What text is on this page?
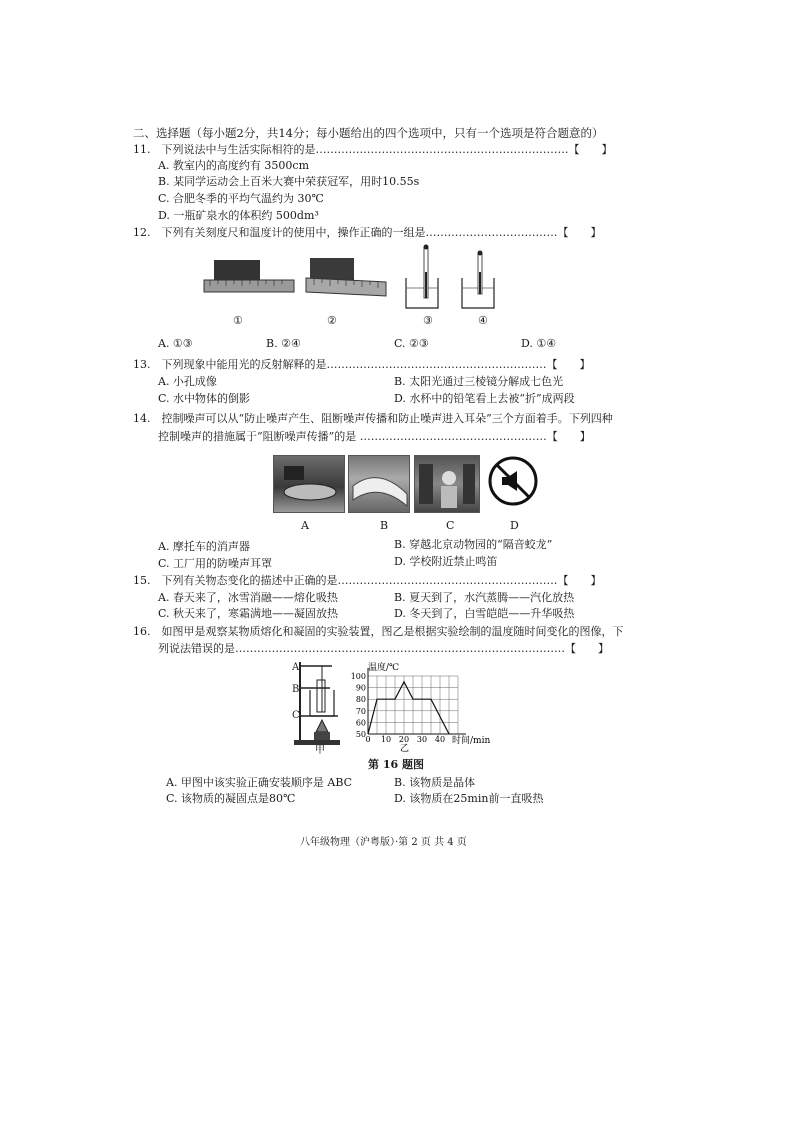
二、选择题（每小题2分，共14分；每小题给出的四个选项中，只有一个选项是符合题意的）
11.　下列说法中与生活实际相符的是……………………………………………………………【　　】
A. 教室内的高度约有 3500cm
B. 某同学运动会上百米大赛中荣获冠军，用时10.55s
C. 合肥冬季的平均气温约为 30℃
D. 一瓶矿泉水的体积约 500dm³
12.　下列有关刻度尺和温度计的使用中，操作正确的一组是………………………………【　　】
①	②	③	④
A. ①③	B. ②④	C. ②③	D. ①④
13.　下列现象中能用光的反射解释的是……………………………………………………【　　】
A. 小孔成像	B. 太阳光通过三棱镜分解成七色光
C. 水中物体的倒影	D. 水杯中的铅笔看上去被“折”成两段
14.　控制噪声可以从“防止噪声产生、阻断噪声传播和防止噪声进入耳朵”三个方面着手。下列四种
控制噪声的措施属于“阻断噪声传播”的是 ……………………………………………【　　】
A	B	C	D
A. 摩托车的消声器	B. 穿越北京动物园的“隔音蛟龙”
C. 工厂用的防噪声耳罩	D. 学校附近禁止鸣笛
15.　下列有关物态变化的描述中正确的是……………………………………………………【　　】
A. 春天来了，冰雪消融——熔化吸热	B. 夏天到了，水汽蒸腾——汽化放热
C. 秋天来了，寒霜满地——凝固放热	D. 冬天到了，白雪皑皑——升华吸热
16.　如图甲是观察某物质熔化和凝固的实验装置，图乙是根据实验绘制的温度随时间变化的图像，下
列说法错误的是………………………………………………………………………………【　　】
A
B
C
甲
0 10 20 30 40
50
60
70
80
90
100
温度/℃
时间/min
乙
第 16 题图
A. 甲图中该实验正确安装顺序是 ABC	B. 该物质是晶体
C. 该物质的凝固点是80℃	D. 该物质在25min前一直吸热
八年级物理（沪粤版）·第 2 页 共 4 页
